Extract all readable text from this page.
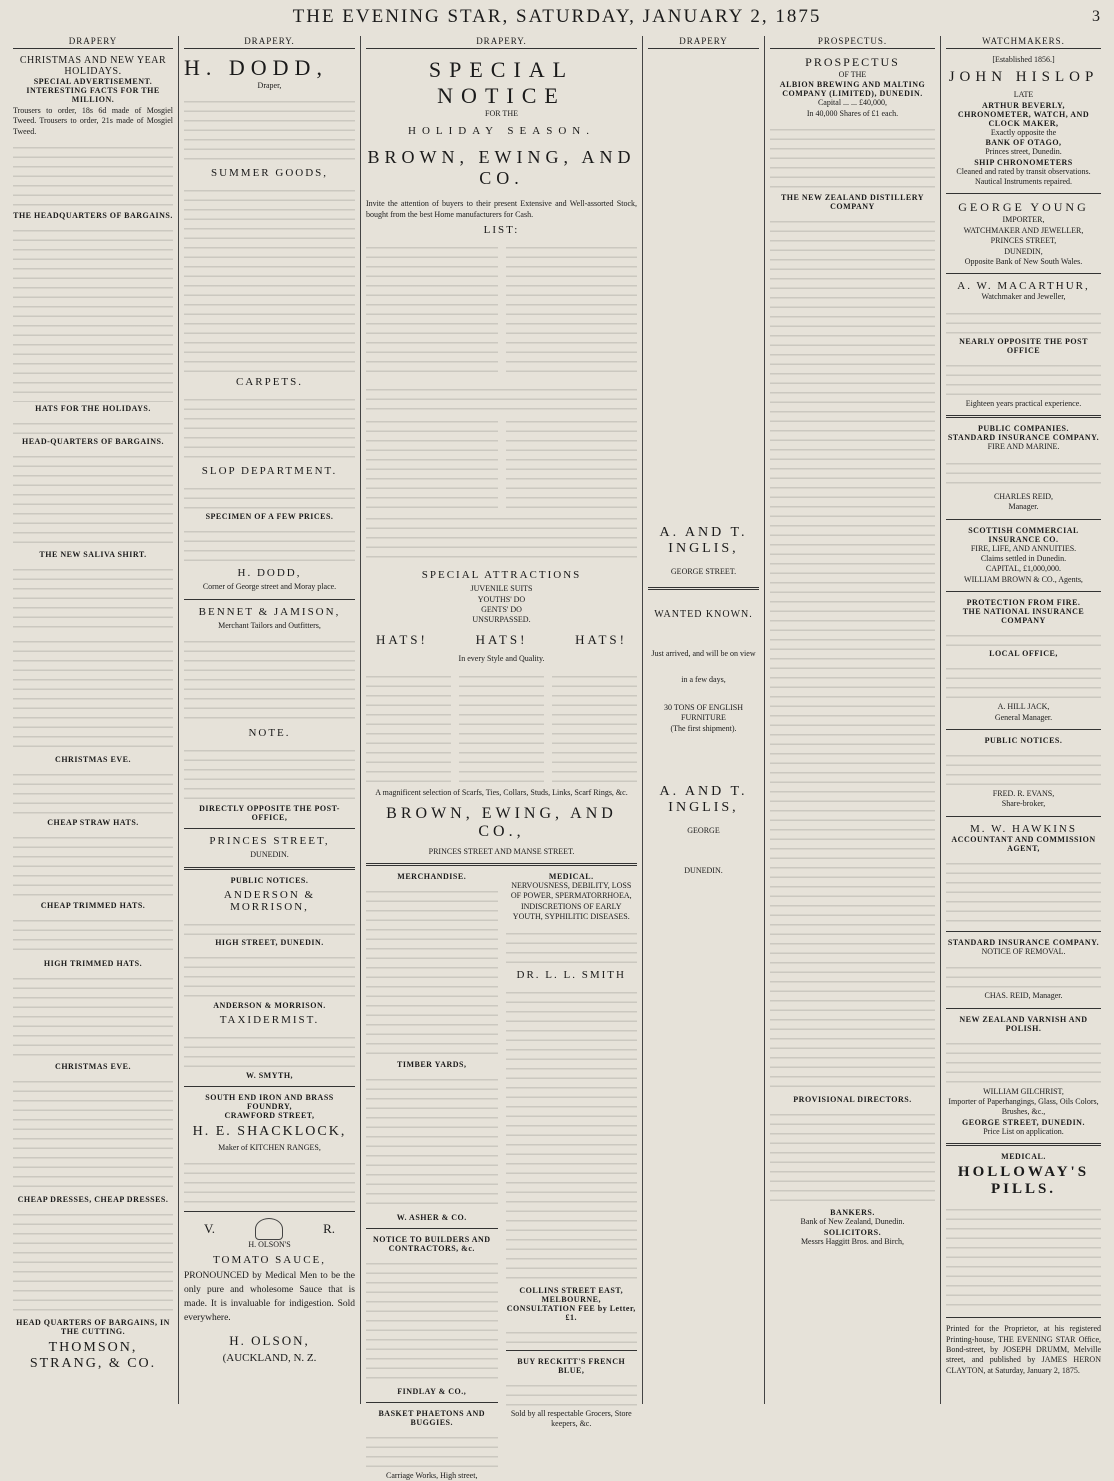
THE EVENING STAR, SATURDAY, JANUARY 2, 1875	3
DRAPERY
CHRISTMAS AND NEW YEAR HOLIDAYS.
SPECIAL ADVERTISEMENT. INTERESTING FACTS FOR THE MILLION.
Trousers to order, 18s 6d made of Mosgiel Tweed. Trousers to order, 21s made of Mosgiel Tweed.
THE HEADQUARTERS OF BARGAINS.
HATS FOR THE HOLIDAYS.
HEAD-QUARTERS OF BARGAINS.
THE NEW SALIVA SHIRT.
CHRISTMAS EVE.
CHEAP STRAW HATS.
CHEAP TRIMMED HATS.
HIGH TRIMMED HATS.
CHRISTMAS EVE.
CHEAP DRESSES, CHEAP DRESSES.
HEAD QUARTERS OF BARGAINS, IN THE CUTTING.
THOMSON, STRANG, & CO.
DRAPERY.
H. DODD,
Draper,
SUMMER GOODS,
CARPETS.
SLOP DEPARTMENT.
SPECIMEN OF A FEW PRICES.
H. DODD,
Corner of George street and Moray place.
BENNET & JAMISON,
Merchant Tailors and Outfitters,
NOTE.
DIRECTLY OPPOSITE THE POST-OFFICE,
PRINCES STREET,
DUNEDIN.
PUBLIC NOTICES.
ANDERSON & MORRISON,
HIGH STREET, DUNEDIN.
ANDERSON & MORRISON.
TAXIDERMIST.
W. SMYTH,
SOUTH END IRON AND BRASS FOUNDRY,
CRAWFORD STREET,
H. E. SHACKLOCK,
Maker of KITCHEN RANGES,
V.	R.
H. OLSON'S
TOMATO SAUCE,
PRONOUNCED by Medical Men to be the only pure and wholesome Sauce that is made. It is invaluable for indigestion. Sold everywhere.
H. OLSON,
(AUCKLAND, N. Z.
DRAPERY.
SPECIAL NOTICE
FOR THE
HOLIDAY SEASON.
BROWN, EWING, AND CO.
Invite the attention of buyers to their present Extensive and Well-assorted Stock, bought from the best Home manufacturers for Cash.
LIST:
SPECIAL ATTRACTIONS
JUVENILE SUITS
YOUTHS' DO
GENTS' DO
UNSURPASSED.
HATS!	HATS!	HATS!
In every Style and Quality.
A magnificent selection of Scarfs, Ties, Collars, Studs, Links, Scarf Rings, &c.
BROWN, EWING, AND CO.,
PRINCES STREET AND MANSE STREET.
MERCHANDISE.
TIMBER YARDS,
W. ASHER & CO.
NOTICE TO BUILDERS AND CONTRACTORS, &c.
FINDLAY & CO.,
BASKET PHAETONS AND BUGGIES.
Carriage Works, High street,
MEDICAL.
NERVOUSNESS, DEBILITY, LOSS OF POWER, SPERMATORRHOEA, INDISCRETIONS OF EARLY YOUTH, SYPHILITIC DISEASES.
DR. L. L. SMITH
COLLINS STREET EAST, MELBOURNE,
CONSULTATION FEE by Letter, £1.
BUY RECKITT'S FRENCH BLUE,
Sold by all respectable Grocers, Store keepers, &c.
DRAPERY
A. AND T. INGLIS,
GEORGE STREET.
WANTED KNOWN.
Just arrived, and will be on view in a few days,
30 TONS OF ENGLISH FURNITURE
(The first shipment).
A. AND T. INGLIS,
GEORGE
DUNEDIN.
PROSPECTUS.
PROSPECTUS
OF THE
ALBION BREWING AND MALTING COMPANY (LIMITED), DUNEDIN.
Capital ... ... £40,000,
In 40,000 Shares of £1 each.
THE NEW ZEALAND DISTILLERY COMPANY
PROVISIONAL DIRECTORS.
BANKERS.
Bank of New Zealand, Dunedin.
SOLICITORS.
Messrs Haggitt Bros. and Birch,
WATCHMAKERS.
[Established 1856.]
JOHN HISLOP
LATE
ARTHUR BEVERLY,
CHRONOMETER, WATCH, AND CLOCK MAKER,
Exactly opposite the
BANK OF OTAGO,
Princes street, Dunedin.
SHIP CHRONOMETERS
Cleaned and rated by transit observations. Nautical Instruments repaired.
GEORGE YOUNG
IMPORTER,
WATCHMAKER AND JEWELLER,
PRINCES STREET,
DUNEDIN,
Opposite Bank of New South Wales.
A. W. MACARTHUR,
Watchmaker and Jeweller,
NEARLY OPPOSITE THE POST OFFICE
Eighteen years practical experience.
PUBLIC COMPANIES.
STANDARD INSURANCE COMPANY.
FIRE AND MARINE.
CHARLES REID,
Manager.
SCOTTISH COMMERCIAL INSURANCE CO.
FIRE, LIFE, AND ANNUITIES.
Claims settled in Dunedin.
CAPITAL, £1,000,000.
WILLIAM BROWN & CO., Agents,
PROTECTION FROM FIRE.
THE NATIONAL INSURANCE COMPANY
LOCAL OFFICE,
A. HILL JACK,
General Manager.
PUBLIC NOTICES.
FRED. R. EVANS,
Share-broker,
M. W. HAWKINS
ACCOUNTANT AND COMMISSION AGENT,
STANDARD INSURANCE COMPANY.
NOTICE OF REMOVAL.
CHAS. REID, Manager.
NEW ZEALAND VARNISH AND POLISH.
WILLIAM GILCHRIST,
Importer of Paperhangings, Glass, Oils Colors, Brushes, &c.,
GEORGE STREET, DUNEDIN.
Price List on application.
MEDICAL.
HOLLOWAY'S PILLS.
Printed for the Proprietor, at his registered Printing-house, THE EVENING STAR Office, Bond-street, by JOSEPH DRUMM, Melville street, and published by JAMES HERON CLAYTON, at Saturday, January 2, 1875.
